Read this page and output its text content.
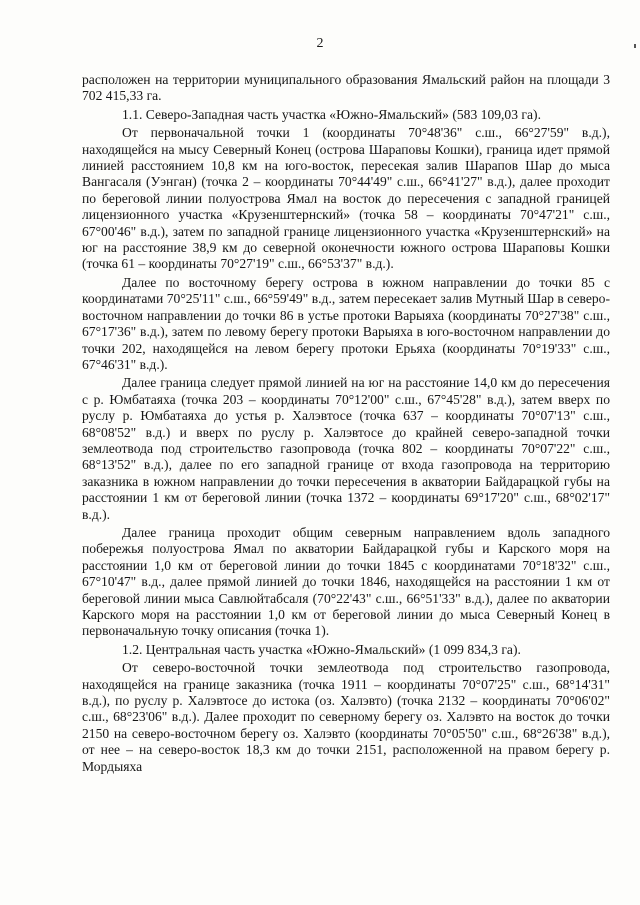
2

расположен на территории муниципального образования Ямальский район на площади 3 702 415,33 га.

1.1. Северо-Западная часть участка «Южно-Ямальский» (583 109,03 га).

От первоначальной точки 1 (координаты 70°48'36" с.ш., 66°27'59" в.д.), находящейся на мысу Северный Конец (острова Шараповы Кошки), граница идет прямой линией расстоянием 10,8 км на юго-восток, пересекая залив Шарапов Шар до мыса Вангасаля (Уэнган) (точка 2 – координаты 70°44'49" с.ш., 66°41'27" в.д.), далее проходит по береговой линии полуострова Ямал на восток до пересечения с западной границей лицензионного участка «Крузенштернский» (точка 58 – координаты 70°47'21" с.ш., 67°00'46" в.д.), затем по западной границе лицензионного участка «Крузенштернский» на юг на расстояние 38,9 км до северной оконечности южного острова Шараповы Кошки (точка 61 – координаты 70°27'19" с.ш., 66°53'37" в.д.).

Далее по восточному берегу острова в южном направлении до точки 85 с координатами 70°25'11" с.ш., 66°59'49" в.д., затем пересекает залив Мутный Шар в северо-восточном направлении до точки 86 в устье протоки Варыяха (координаты 70°27'38" с.ш., 67°17'36" в.д.), затем по левому берегу протоки Варыяха в юго-восточном направлении до точки 202, находящейся на левом берегу протоки Ерьяха (координаты 70°19'33" с.ш., 67°46'31" в.д.).

Далее граница следует прямой линией на юг на расстояние 14,0 км до пересечения с р. Юмбатаяха (точка 203 – координаты 70°12'00" с.ш., 67°45'28" в.д.), затем вверх по руслу р. Юмбатаяха до устья р. Халэвтосе (точка 637 – координаты 70°07'13" с.ш., 68°08'52" в.д.) и вверх по руслу р. Халэвтосе до крайней северо-западной точки землеотвода под строительство газопровода (точка 802 – координаты 70°07'22" с.ш., 68°13'52" в.д.), далее по его западной границе от входа газопровода на территорию заказника в южном направлении до точки пересечения в акватории Байдарацкой губы на расстоянии 1 км от береговой линии (точка 1372 – координаты 69°17'20" с.ш., 68°02'17" в.д.).

Далее граница проходит общим северным направлением вдоль западного побережья полуострова Ямал по акватории Байдарацкой губы и Карского моря на расстоянии 1,0 км от береговой линии до точки 1845 с координатами 70°18'32" с.ш., 67°10'47" в.д., далее прямой линией до точки 1846, находящейся на расстоянии 1 км от береговой линии мыса Савлюйтабсаля (70°22'43" с.ш., 66°51'33" в.д.), далее по акватории Карского моря на расстоянии 1,0 км от береговой линии до мыса Северный Конец в первоначальную точку описания (точка 1).

1.2. Центральная часть участка «Южно-Ямальский» (1 099 834,3 га).

От северо-восточной точки землеотвода под строительство газопровода, находящейся на границе заказника (точка 1911 – координаты 70°07'25" с.ш., 68°14'31" в.д.), по руслу р. Халэвтосе до истока (оз. Халэвто) (точка 2132 – координаты 70°06'02" с.ш., 68°23'06" в.д.). Далее проходит по северному берегу оз. Халэвто на восток до точки 2150 на северо-восточном берегу оз. Халэвто (координаты 70°05'50" с.ш., 68°26'38" в.д.), от нее – на северо-восток 18,3 км до точки 2151, расположенной на правом берегу р. Мордыяха
